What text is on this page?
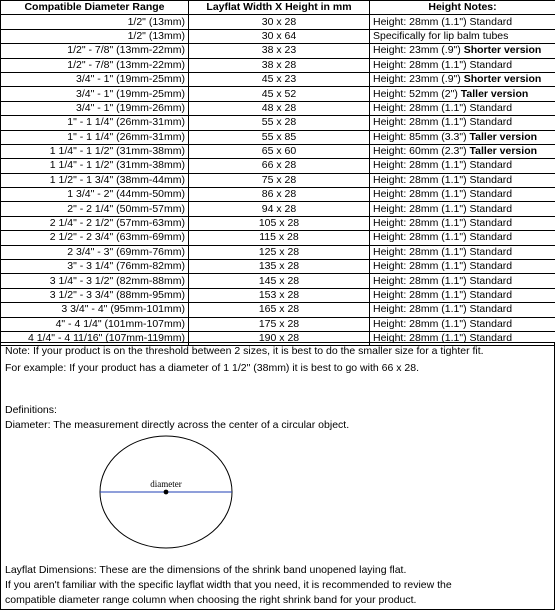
Compatible Diameter Range	Layflat Width X Height in mm	Height Notes:
1/2" (13mm)	30 x 28	Height: 28mm (1.1") Standard
1/2" (13mm)	30 x 64	Specifically for lip balm tubes
1/2" - 7/8" (13mm-22mm)	38 x 23	Height: 23mm (.9") Shorter version
1/2" - 7/8" (13mm-22mm)	38 x 28	Height: 28mm (1.1") Standard
3/4" - 1" (19mm-25mm)	45 x 23	Height: 23mm (.9") Shorter version
3/4" - 1" (19mm-25mm)	45 x 52	Height: 52mm (2") Taller version
3/4" - 1" (19mm-26mm)	48 x 28	Height: 28mm (1.1") Standard
1" - 1 1/4" (26mm-31mm)	55 x 28	Height: 28mm (1.1") Standard
1" - 1 1/4" (26mm-31mm)	55 x 85	Height: 85mm (3.3") Taller version
1 1/4" - 1 1/2" (31mm-38mm)	65 x 60	Height: 60mm (2.3") Taller version
1 1/4" - 1 1/2" (31mm-38mm)	66 x 28	Height: 28mm (1.1") Standard
1 1/2" - 1 3/4" (38mm-44mm)	75 x 28	Height: 28mm (1.1") Standard
1 3/4" - 2" (44mm-50mm)	86 x 28	Height: 28mm (1.1") Standard
2" - 2 1/4" (50mm-57mm)	94 x 28	Height: 28mm (1.1") Standard
2 1/4" - 2 1/2" (57mm-63mm)	105 x 28	Height: 28mm (1.1") Standard
2 1/2" - 2 3/4" (63mm-69mm)	115 x 28	Height: 28mm (1.1") Standard
2 3/4" - 3" (69mm-76mm)	125 x 28	Height: 28mm (1.1") Standard
3" - 3 1/4" (76mm-82mm)	135 x 28	Height: 28mm (1.1") Standard
3 1/4" - 3 1/2" (82mm-88mm)	145 x 28	Height: 28mm (1.1") Standard
3 1/2" - 3 3/4" (88mm-95mm)	153 x 28	Height: 28mm (1.1") Standard
3 3/4" - 4" (95mm-101mm)	165 x 28	Height: 28mm (1.1") Standard
4" - 4 1/4" (101mm-107mm)	175 x 28	Height: 28mm (1.1") Standard
4 1/4" - 4 11/16" (107mm-119mm)	190 x 28	Height: 28mm (1.1") Standard
Note: If your product is on the threshold between 2 sizes, it is best to do the smaller size for a tighter fit.
For example: If your product has a diameter of 1 1/2" (38mm) it is best to go with 66 x 28.
Definitions:
Diameter: The measurement directly across the center of a circular object.
diameter
Layflat Dimensions: These are the dimensions of the shrink band unopened laying flat.
If you aren't familiar with the specific layflat width that you need, it is recommended to review the
compatible diameter range column when choosing the right shrink band for your product.
